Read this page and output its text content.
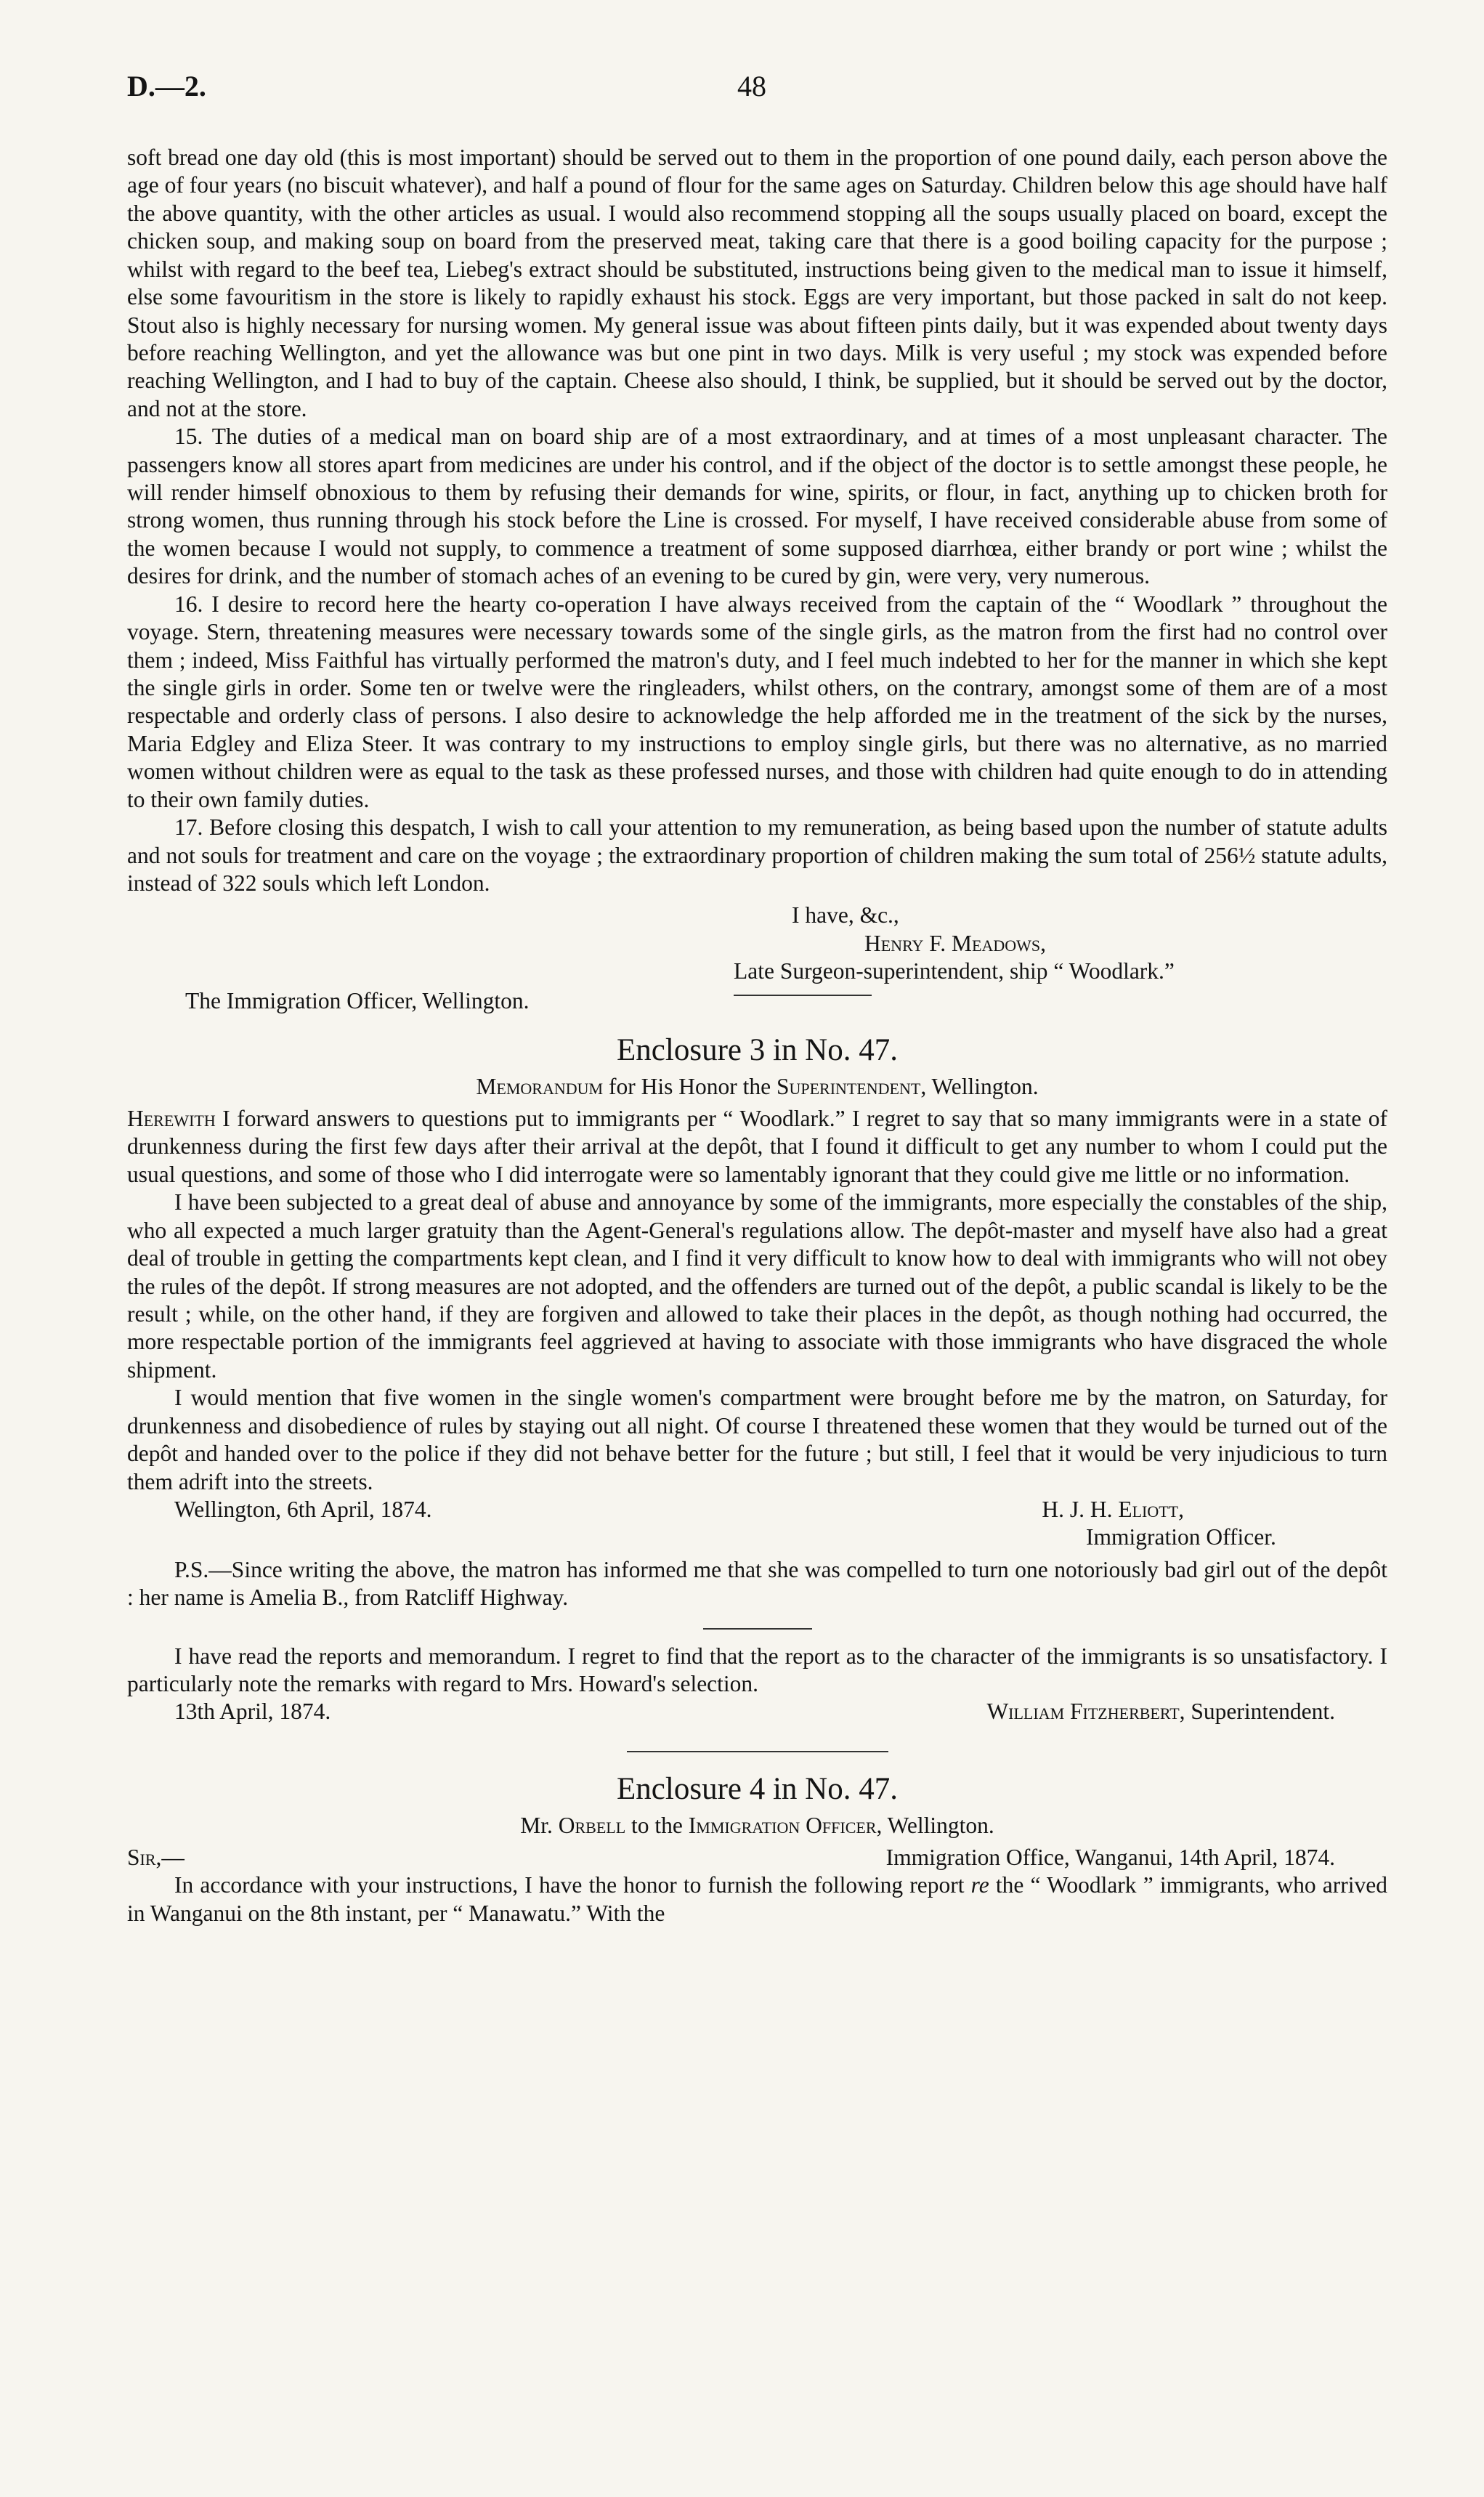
D.—2.	48

soft bread one day old (this is most important) should be served out to them in the proportion of one pound daily, each person above the age of four years (no biscuit whatever), and half a pound of flour for the same ages on Saturday. Children below this age should have half the above quantity, with the other articles as usual. I would also recommend stopping all the soups usually placed on board, except the chicken soup, and making soup on board from the preserved meat, taking care that there is a good boiling capacity for the purpose ; whilst with regard to the beef tea, Liebeg's extract should be substituted, instructions being given to the medical man to issue it himself, else some favouritism in the store is likely to rapidly exhaust his stock. Eggs are very important, but those packed in salt do not keep. Stout also is highly necessary for nursing women. My general issue was about fifteen pints daily, but it was expended about twenty days before reaching Wellington, and yet the allowance was but one pint in two days. Milk is very useful ; my stock was expended before reaching Wellington, and I had to buy of the captain. Cheese also should, I think, be supplied, but it should be served out by the doctor, and not at the store.

15. The duties of a medical man on board ship are of a most extraordinary, and at times of a most unpleasant character. The passengers know all stores apart from medicines are under his control, and if the object of the doctor is to settle amongst these people, he will render himself obnoxious to them by refusing their demands for wine, spirits, or flour, in fact, anything up to chicken broth for strong women, thus running through his stock before the Line is crossed. For myself, I have received considerable abuse from some of the women because I would not supply, to commence a treatment of some supposed diarrhœa, either brandy or port wine ; whilst the desires for drink, and the number of stomach aches of an evening to be cured by gin, were very, very numerous.

16. I desire to record here the hearty co-operation I have always received from the captain of the “ Woodlark ” throughout the voyage. Stern, threatening measures were necessary towards some of the single girls, as the matron from the first had no control over them ; indeed, Miss Faithful has virtually performed the matron's duty, and I feel much indebted to her for the manner in which she kept the single girls in order. Some ten or twelve were the ringleaders, whilst others, on the contrary, amongst some of them are of a most respectable and orderly class of persons. I also desire to acknowledge the help afforded me in the treatment of the sick by the nurses, Maria Edgley and Eliza Steer. It was contrary to my instructions to employ single girls, but there was no alternative, as no married women without children were as equal to the task as these professed nurses, and those with children had quite enough to do in attending to their own family duties.

17. Before closing this despatch, I wish to call your attention to my remuneration, as being based upon the number of statute adults and not souls for treatment and care on the voyage ; the extraordinary proportion of children making the sum total of 256½ statute adults, instead of 322 souls which left London.

I have, &c.,
Henry F. Meadows,
Late Surgeon-superintendent, ship “ Woodlark.”
The Immigration Officer, Wellington.
Enclosure 3 in No. 47.
Memorandum for His Honor the Superintendent, Wellington.

Herewith I forward answers to questions put to immigrants per “ Woodlark.” I regret to say that so many immigrants were in a state of drunkenness during the first few days after their arrival at the depôt, that I found it difficult to get any number to whom I could put the usual questions, and some of those who I did interrogate were so lamentably ignorant that they could give me little or no information.

I have been subjected to a great deal of abuse and annoyance by some of the immigrants, more especially the constables of the ship, who all expected a much larger gratuity than the Agent-General's regulations allow. The depôt-master and myself have also had a great deal of trouble in getting the compartments kept clean, and I find it very difficult to know how to deal with immigrants who will not obey the rules of the depôt. If strong measures are not adopted, and the offenders are turned out of the depôt, a public scandal is likely to be the result ; while, on the other hand, if they are forgiven and allowed to take their places in the depôt, as though nothing had occurred, the more respectable portion of the immigrants feel aggrieved at having to associate with those immigrants who have disgraced the whole shipment.

I would mention that five women in the single women's compartment were brought before me by the matron, on Saturday, for drunkenness and disobedience of rules by staying out all night. Of course I threatened these women that they would be turned out of the depôt and handed over to the police if they did not behave better for the future ; but still, I feel that it would be very injudicious to turn them adrift into the streets.

Wellington, 6th April, 1874.	H. J. H. Eliott,
Immigration Officer.

P.S.—Since writing the above, the matron has informed me that she was compelled to turn one notoriously bad girl out of the depôt : her name is Amelia B., from Ratcliff Highway.

I have read the reports and memorandum. I regret to find that the report as to the character of the immigrants is so unsatisfactory. I particularly note the remarks with regard to Mrs. Howard's selection.

13th April, 1874.	William Fitzherbert, Superintendent.
Enclosure 4 in No. 47.
Mr. Orbell to the Immigration Officer, Wellington.
Sir,—	Immigration Office, Wanganui, 14th April, 1874.

In accordance with your instructions, I have the honor to furnish the following report re the “ Woodlark ” immigrants, who arrived in Wanganui on the 8th instant, per “ Manawatu.” With the
